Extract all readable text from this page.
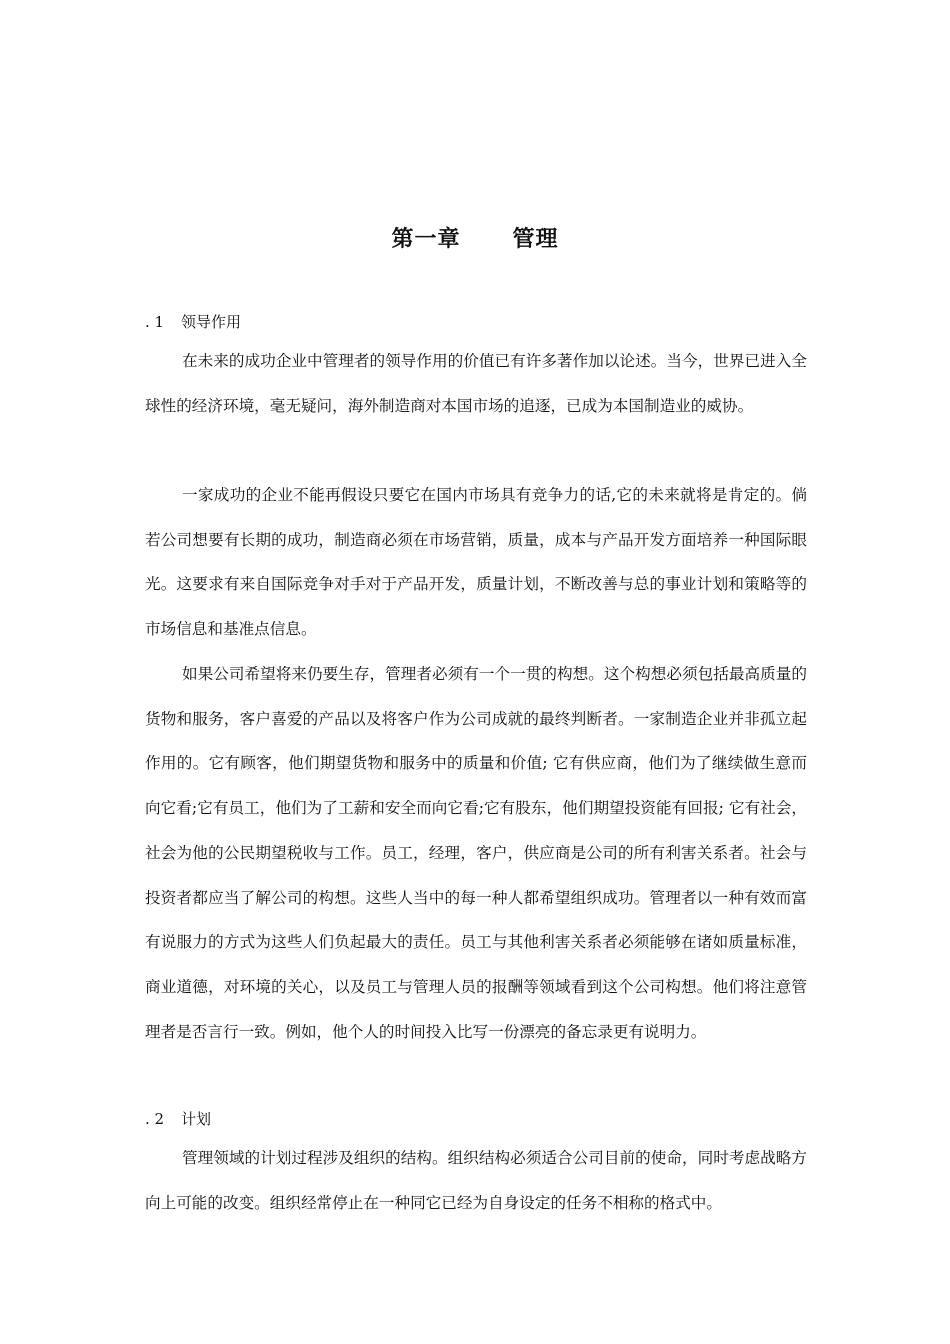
第一章 管理
. 1 领导作用

在未来的成功企业中管理者的领导作用的价值已有许多著作加以论述。当今，世界已进入全球性的经济环境，毫无疑问，海外制造商对本国市场的追逐，已成为本国制造业的威协。

一家成功的企业不能再假设只要它在国内市场具有竞争力的话,它的未来就将是肯定的。倘若公司想要有长期的成功，制造商必须在市场营销，质量，成本与产品开发方面培养一种国际眼光。这要求有来自国际竞争对手对于产品开发，质量计划，不断改善与总的事业计划和策略等的市场信息和基准点信息。

如果公司希望将来仍要生存，管理者必须有一个一贯的构想。这个构想必须包括最高质量的货物和服务，客户喜爱的产品以及将客户作为公司成就的最终判断者。一家制造企业并非孤立起作用的。它有顾客，他们期望货物和服务中的质量和价值; 它有供应商，他们为了继续做生意而向它看;它有员工，他们为了工薪和安全而向它看;它有股东，他们期望投资能有回报; 它有社会，社会为他的公民期望税收与工作。员工，经理，客户，供应商是公司的所有利害关系者。社会与投资者都应当了解公司的构想。这些人当中的每一种人都希望组织成功。管理者以一种有效而富有说服力的方式为这些人们负起最大的责任。员工与其他利害关系者必须能够在诸如质量标准，商业道德，对环境的关心，以及员工与管理人员的报酬等领域看到这个公司构想。他们将注意管理者是否言行一致。例如，他个人的时间投入比写一份漂亮的备忘录更有说明力。

. 2 计划

管理领域的计划过程涉及组织的结构。组织结构必须适合公司目前的使命，同时考虑战略方向上可能的改变。组织经常停止在一种同它已经为自身设定的任务不相称的格式中。
